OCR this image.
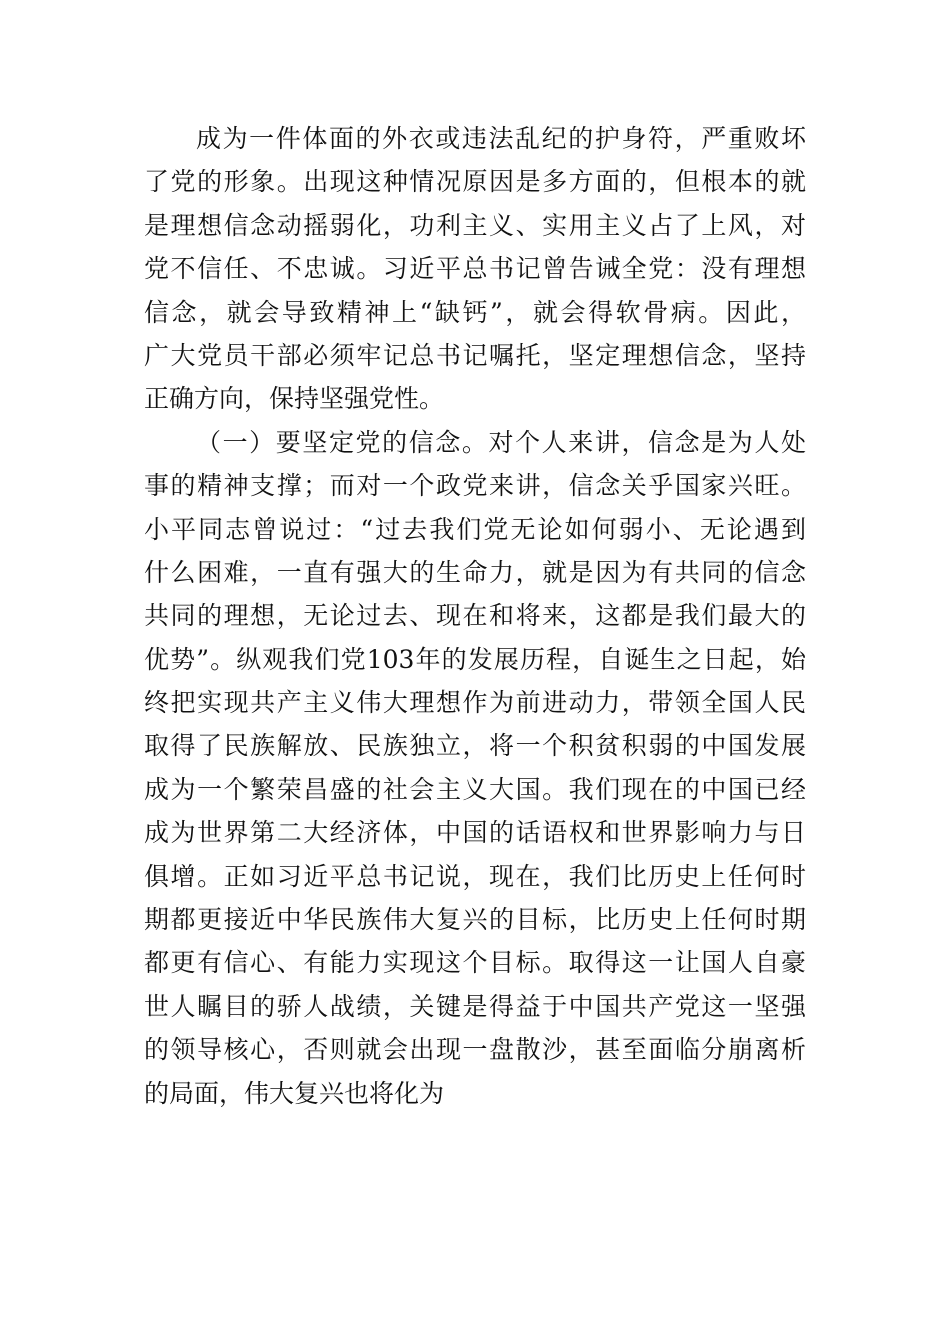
成为一件体面的外衣或违法乱纪的护身符，严重败坏
了党的形象。出现这种情况原因是多方面的，但根本的就
是理想信念动摇弱化，功利主义、实用主义占了上风，对
党不信任、不忠诚。习近平总书记曾告诫全党：没有理想
信念，就会导致精神上“缺钙”，就会得软骨病。因此，
广大党员干部必须牢记总书记嘱托，坚定理想信念，坚持
正确方向，保持坚强党性。
（一）要坚定党的信念。对个人来讲，信念是为人处
事的精神支撑；而对一个政党来讲，信念关乎国家兴旺。
小平同志曾说过：“过去我们党无论如何弱小、无论遇到
什么困难，一直有强大的生命力，就是因为有共同的信念
共同的理想，无论过去、现在和将来，这都是我们最大的
优势”。纵观我们党103年的发展历程，自诞生之日起，始
终把实现共产主义伟大理想作为前进动力，带领全国人民
取得了民族解放、民族独立，将一个积贫积弱的中国发展
成为一个繁荣昌盛的社会主义大国。我们现在的中国已经
成为世界第二大经济体，中国的话语权和世界影响力与日
俱增。正如习近平总书记说，现在，我们比历史上任何时
期都更接近中华民族伟大复兴的目标，比历史上任何时期
都更有信心、有能力实现这个目标。取得这一让国人自豪
世人瞩目的骄人战绩，关键是得益于中国共产党这一坚强
的领导核心，否则就会出现一盘散沙，甚至面临分崩离析
的局面，伟大复兴也将化为
